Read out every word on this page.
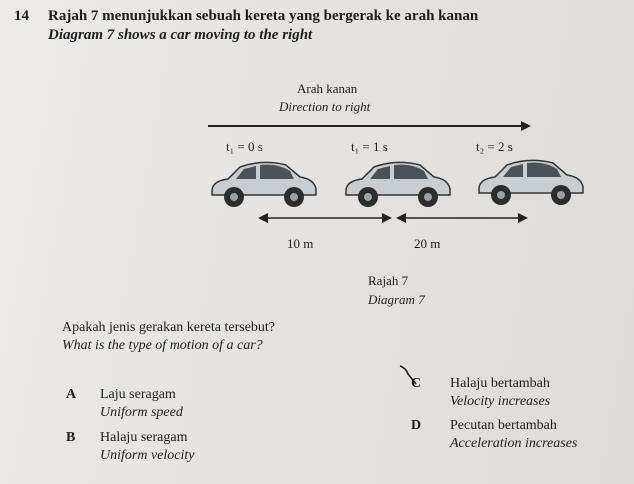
14 Rajah 7 menunjukkan sebuah kereta yang bergerak ke arah kanan
Diagram 7 shows a car moving to the right
Arah kanan
Direction to right
t₁ = 0 s	t₁ = 1 s	t₂ = 2 s
10 m	20 m
Rajah 7
Diagram 7
Apakah jenis gerakan kereta tersebut?
What is the type of motion of a car?
A Laju seragam
Uniform speed
B Halaju seragam
Uniform velocity
C Halaju bertambah
Velocity increases
D Pecutan bertambah
Acceleration increases
